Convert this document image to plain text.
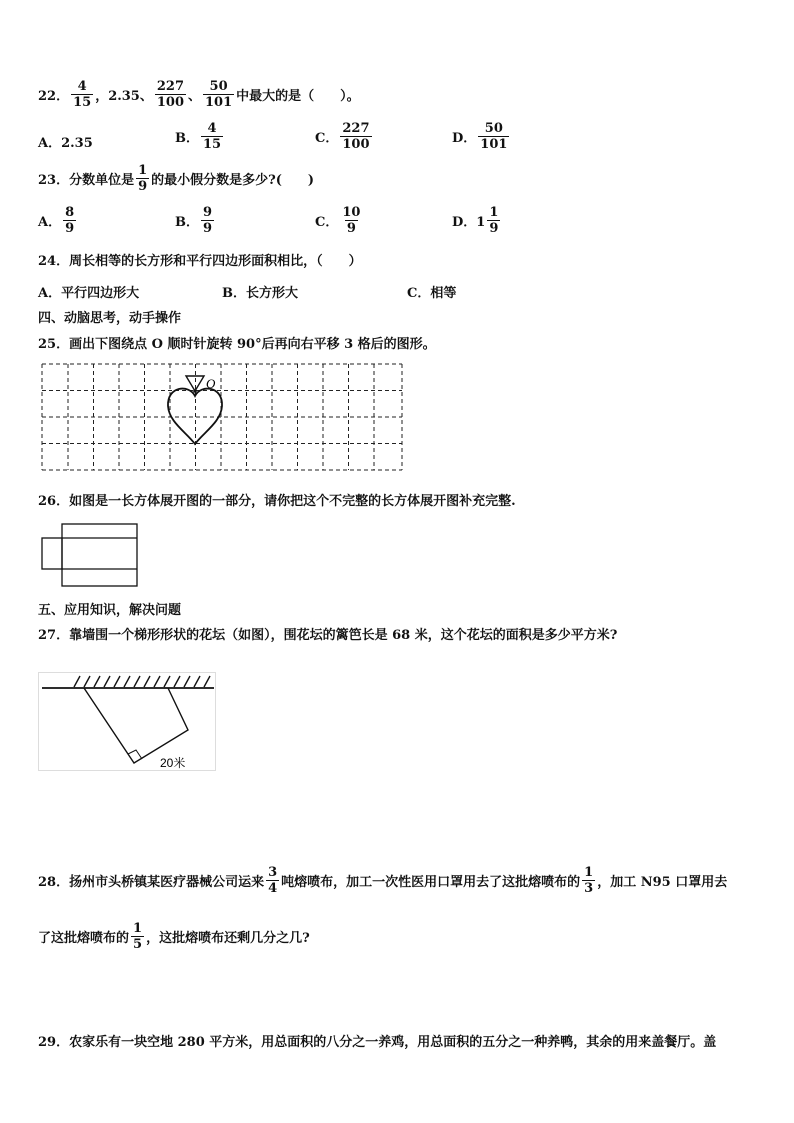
22． $\frac{4}{15}$ ，2.35、 $\frac{227}{100}$ 、 $\frac{50}{101}$ 中最大的是（　　）。
A．2.35	B． $\frac{4}{15}$	C． $\frac{227}{100}$	D． $\frac{50}{101}$
23． 分数单位是 $\frac{1}{9}$ 的最小假分数是多少?(　　)
A． $\frac{8}{9}$	B． $\frac{9}{9}$	C． $\frac{10}{9}$	D．$1 \frac{1}{9}$
24．周长相等的长方形和平行四边形面积相比，（　　）
A．平行四边形大	B．长方形大	C．相等
四、动脑思考，动手操作
25．画出下图绕点 O 顺时针旋转 90°后再向右平移 3 格后的图形。
O
26．如图是一长方体展开图的一部分，请你把这个不完整的长方体展开图补充完整.
五、应用知识，解决问题
27．靠墙围一个梯形形状的花坛（如图），围花坛的篱笆长是 68 米，这个花坛的面积是多少平方米?
20米
28．扬州市头桥镇某医疗器械公司运来 $\frac{3}{4}$ 吨熔喷布，加工一次性医用口罩用去了这批熔喷布的 $\frac{1}{3}$ ，加工 N95 口罩用去
了这批熔喷布的 $\frac{1}{5}$ ，这批熔喷布还剩几分之几?
29．农家乐有一块空地 280 平方米，用总面积的八分之一养鸡，用总面积的五分之一种养鸭，其余的用来盖餐厅。盖
